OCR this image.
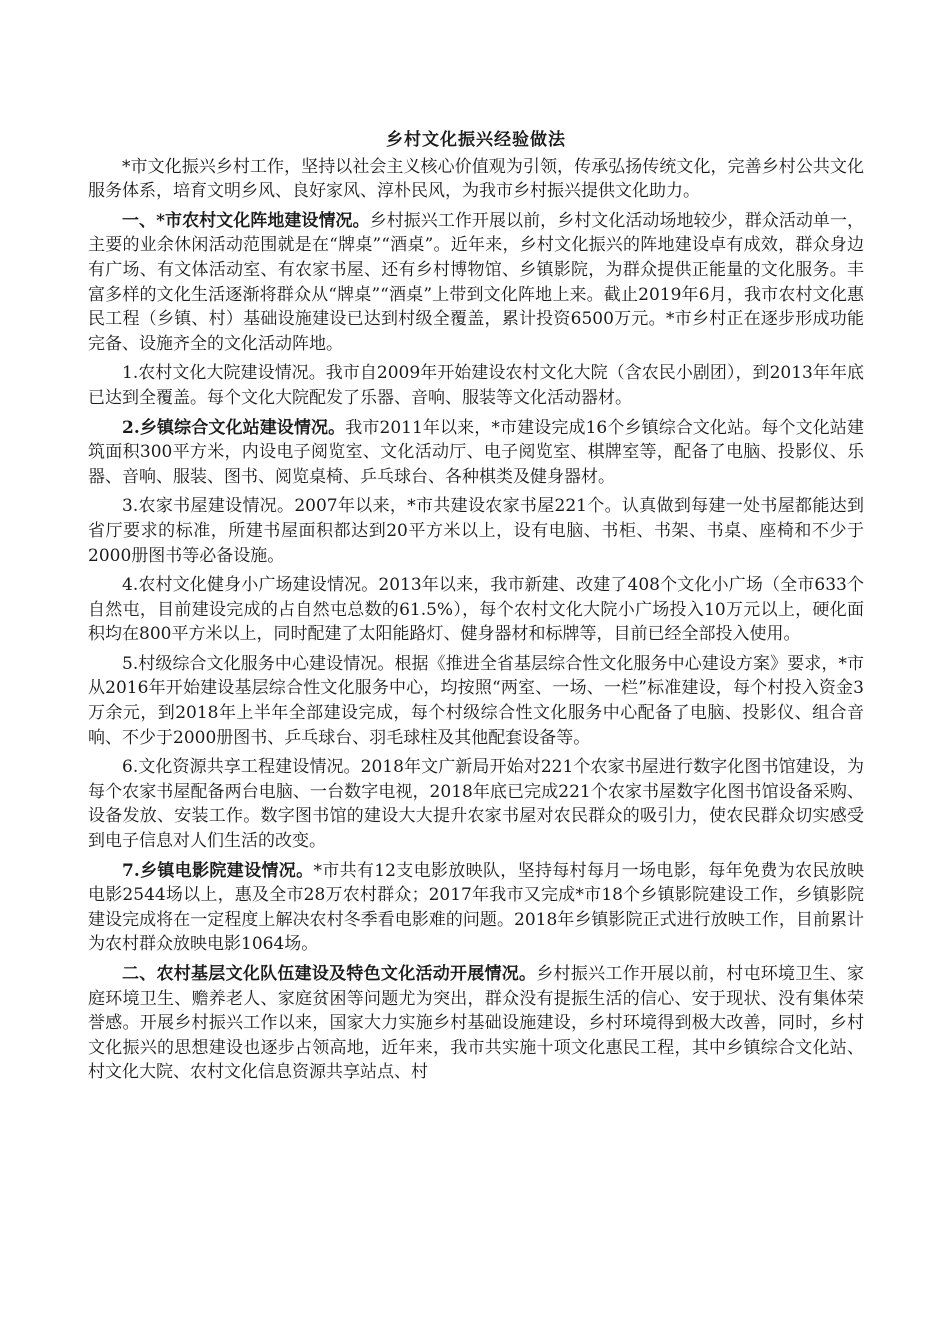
乡村文化振兴经验做法

*市文化振兴乡村工作，坚持以社会主义核心价值观为引领，传承弘扬传统文化，完善乡村公共文化服务体系，培育文明乡风、良好家风、淳朴民风，为我市乡村振兴提供文化助力。

一、*市农村文化阵地建设情况。乡村振兴工作开展以前，乡村文化活动场地较少，群众活动单一，主要的业余休闲活动范围就是在“牌桌”“酒桌”。近年来，乡村文化振兴的阵地建设卓有成效，群众身边有广场、有文体活动室、有农家书屋、还有乡村博物馆、乡镇影院，为群众提供正能量的文化服务。丰富多样的文化生活逐渐将群众从“牌桌”“酒桌”上带到文化阵地上来。截止2019年6月，我市农村文化惠民工程（乡镇、村）基础设施建设已达到村级全覆盖，累计投资6500万元。*市乡村正在逐步形成功能完备、设施齐全的文化活动阵地。

1.农村文化大院建设情况。我市自2009年开始建设农村文化大院（含农民小剧团），到2013年年底已达到全覆盖。每个文化大院配发了乐器、音响、服装等文化活动器材。

2.乡镇综合文化站建设情况。我市2011年以来，*市建设完成16个乡镇综合文化站。每个文化站建筑面积300平方米，内设电子阅览室、文化活动厅、电子阅览室、棋牌室等，配备了电脑、投影仪、乐器、音响、服装、图书、阅览桌椅、乒乓球台、各种棋类及健身器材。

3.农家书屋建设情况。2007年以来，*市共建设农家书屋221个。认真做到每建一处书屋都能达到省厅要求的标准，所建书屋面积都达到20平方米以上，设有电脑、书柜、书架、书桌、座椅和不少于2000册图书等必备设施。

4.农村文化健身小广场建设情况。2013年以来，我市新建、改建了408个文化小广场（全市633个自然屯，目前建设完成的占自然屯总数的61.5%），每个农村文化大院小广场投入10万元以上，硬化面积均在800平方米以上，同时配建了太阳能路灯、健身器材和标牌等，目前已经全部投入使用。

5.村级综合文化服务中心建设情况。根据《推进全省基层综合性文化服务中心建设方案》要求，*市从2016年开始建设基层综合性文化服务中心，均按照“两室、一场、一栏”标准建设，每个村投入资金3万余元，到2018年上半年全部建设完成，每个村级综合性文化服务中心配备了电脑、投影仪、组合音响、不少于2000册图书、乒乓球台、羽毛球柱及其他配套设备等。

6.文化资源共享工程建设情况。2018年文广新局开始对221个农家书屋进行数字化图书馆建设，为每个农家书屋配备两台电脑、一台数字电视，2018年底已完成221个农家书屋数字化图书馆设备采购、设备发放、安装工作。数字图书馆的建设大大提升农家书屋对农民群众的吸引力，使农民群众切实感受到电子信息对人们生活的改变。

7.乡镇电影院建设情况。*市共有12支电影放映队，坚持每村每月一场电影，每年免费为农民放映电影2544场以上，惠及全市28万农村群众；2017年我市又完成*市18个乡镇影院建设工作，乡镇影院建设完成将在一定程度上解决农村冬季看电影难的问题。2018年乡镇影院正式进行放映工作，目前累计为农村群众放映电影1064场。

二、农村基层文化队伍建设及特色文化活动开展情况。乡村振兴工作开展以前，村屯环境卫生、家庭环境卫生、赡养老人、家庭贫困等问题尤为突出，群众没有提振生活的信心、安于现状、没有集体荣誉感。开展乡村振兴工作以来，国家大力实施乡村基础设施建设，乡村环境得到极大改善，同时，乡村文化振兴的思想建设也逐步占领高地，近年来，我市共实施十项文化惠民工程，其中乡镇综合文化站、村文化大院、农村文化信息资源共享站点、村
